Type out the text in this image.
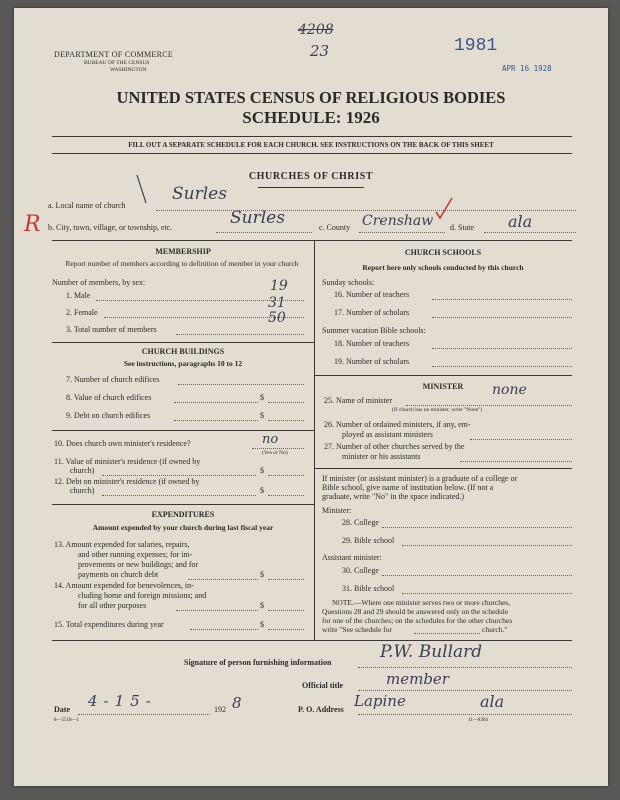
DEPARTMENT OF COMMERCE
BUREAU OF THE CENSUS
WASHINGTON
4208
23	1981
APR 16 1928
UNITED STATES CENSUS OF RELIGIOUS BODIES
SCHEDULE: 1926
FILL OUT A SEPARATE SCHEDULE FOR EACH CHURCH. SEE INSTRUCTIONS ON THE BACK OF THIS SHEET
CHURCHES OF CHRIST
a. Local name of church
Surles
R b. City, town, village, or township, etc.	Surles	c. County Crenshaw d. State ala
MEMBERSHIP
Report number of members according to definition of member in your church
Number of members, by sex:
1. Male
19
2. Female
31
3. Total number of members
50
CHURCH BUILDINGS
See instructions, paragraphs 10 to 12
7. Number of church edifices
8. Value of church edifices	$
9. Debt on church edifices	$
10. Does church own minister's residence?	no
(Yes or No)
11. Value of minister's residence (if owned by
church)	$
12. Debt on minister's residence (if owned by
church)	$
EXPENDITURES
Amount expended by your church during last fiscal year
13. Amount expended for salaries, repairs,
and other running expenses; for im-
provements or new buildings; and for
payments on church debt	$
14. Amount expended for benevolences, in-
cluding home and foreign missions; and
for all other purposes	$
15. Total expenditures during year	$
CHURCH SCHOOLS
Report here only schools conducted by this church
Sunday schools:
16. Number of teachers
17. Number of scholars
Summer vacation Bible schools:
18. Number of teachers
19. Number of scholars
MINISTER
25. Name of minister
none
(If church has no minister, write "None")
26. Number of ordained ministers, if any, em-
ployed as assistant ministers
27. Number of other churches served by the
minister or his assistants
If minister (or assistant minister) is a graduate of a college or
Bible school, give name of institution below. (If not a
graduate, write "No" in the space indicated.)
Minister:
28. College
29. Bible school
Assistant minister:
30. College
31. Bible school
NOTE.—Where one minister serves two or more churches,
Questions 28 and 29 should be answered only on the schedule
for one of the churches; on the schedules for the other churches
write "See schedule for	church."
Signature of person furnishing information
P.W. Bullard
Official title	member
Date 4-15-	192 8
8—5518—1
P. O. Address Lapine	ala
11—8304
